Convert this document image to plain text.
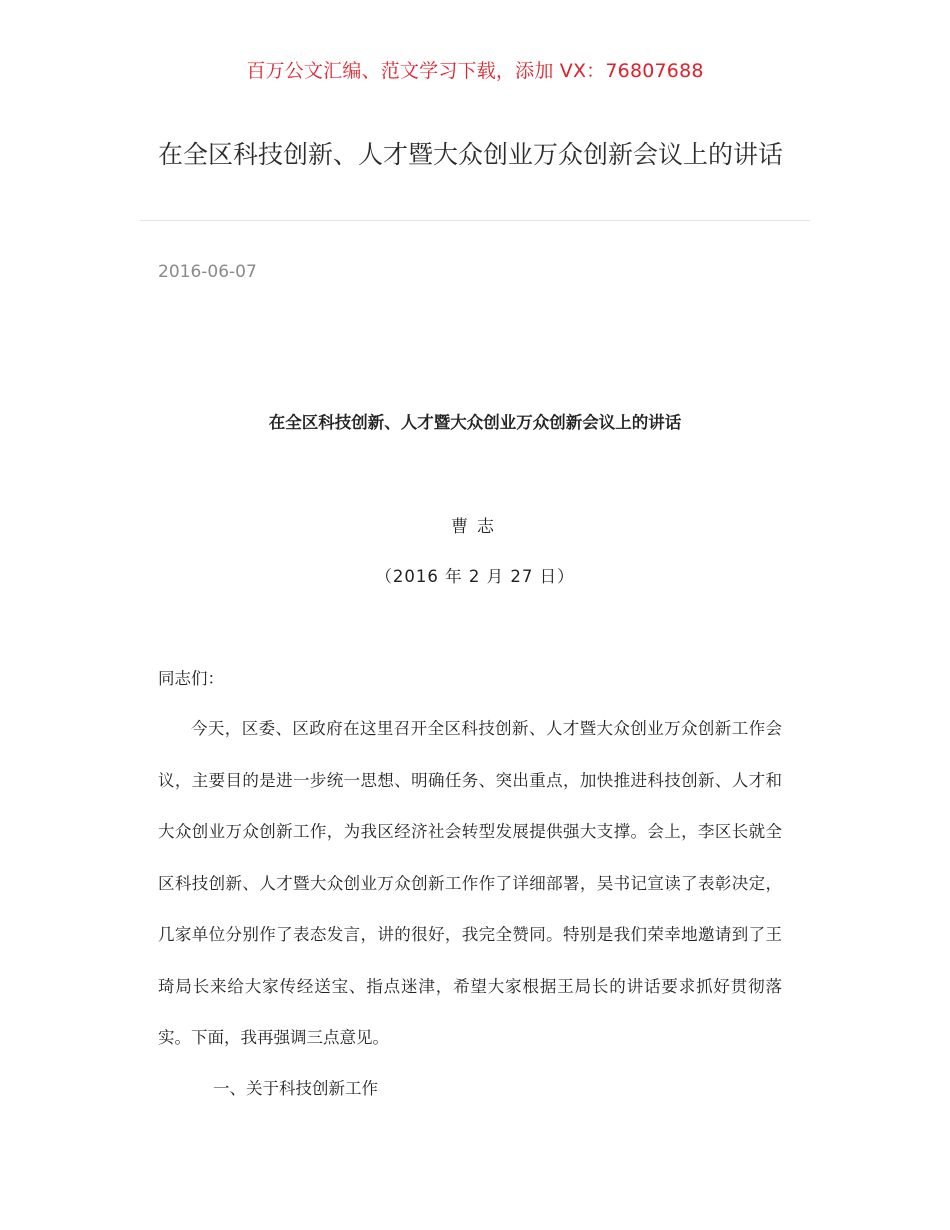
百万公文汇编、范文学习下载，添加 VX：76807688
在全区科技创新、人才暨大众创业万众创新会议上的讲话
2016-06-07
在全区科技创新、人才暨大众创业万众创新会议上的讲话
曹志
（2016 年 2 月 27 日）
同志们：

今天，区委、区政府在这里召开全区科技创新、人才暨大众创业万众创新工作会议，主要目的是进一步统一思想、明确任务、突出重点，加快推进科技创新、人才和大众创业万众创新工作，为我区经济社会转型发展提供强大支撑。会上，李区长就全区科技创新、人才暨大众创业万众创新工作作了详细部署，吴书记宣读了表彰决定，几家单位分别作了表态发言，讲的很好，我完全赞同。特别是我们荣幸地邀请到了王琦局长来给大家传经送宝、指点迷津，希望大家根据王局长的讲话要求抓好贯彻落实。下面，我再强调三点意见。

一、关于科技创新工作
